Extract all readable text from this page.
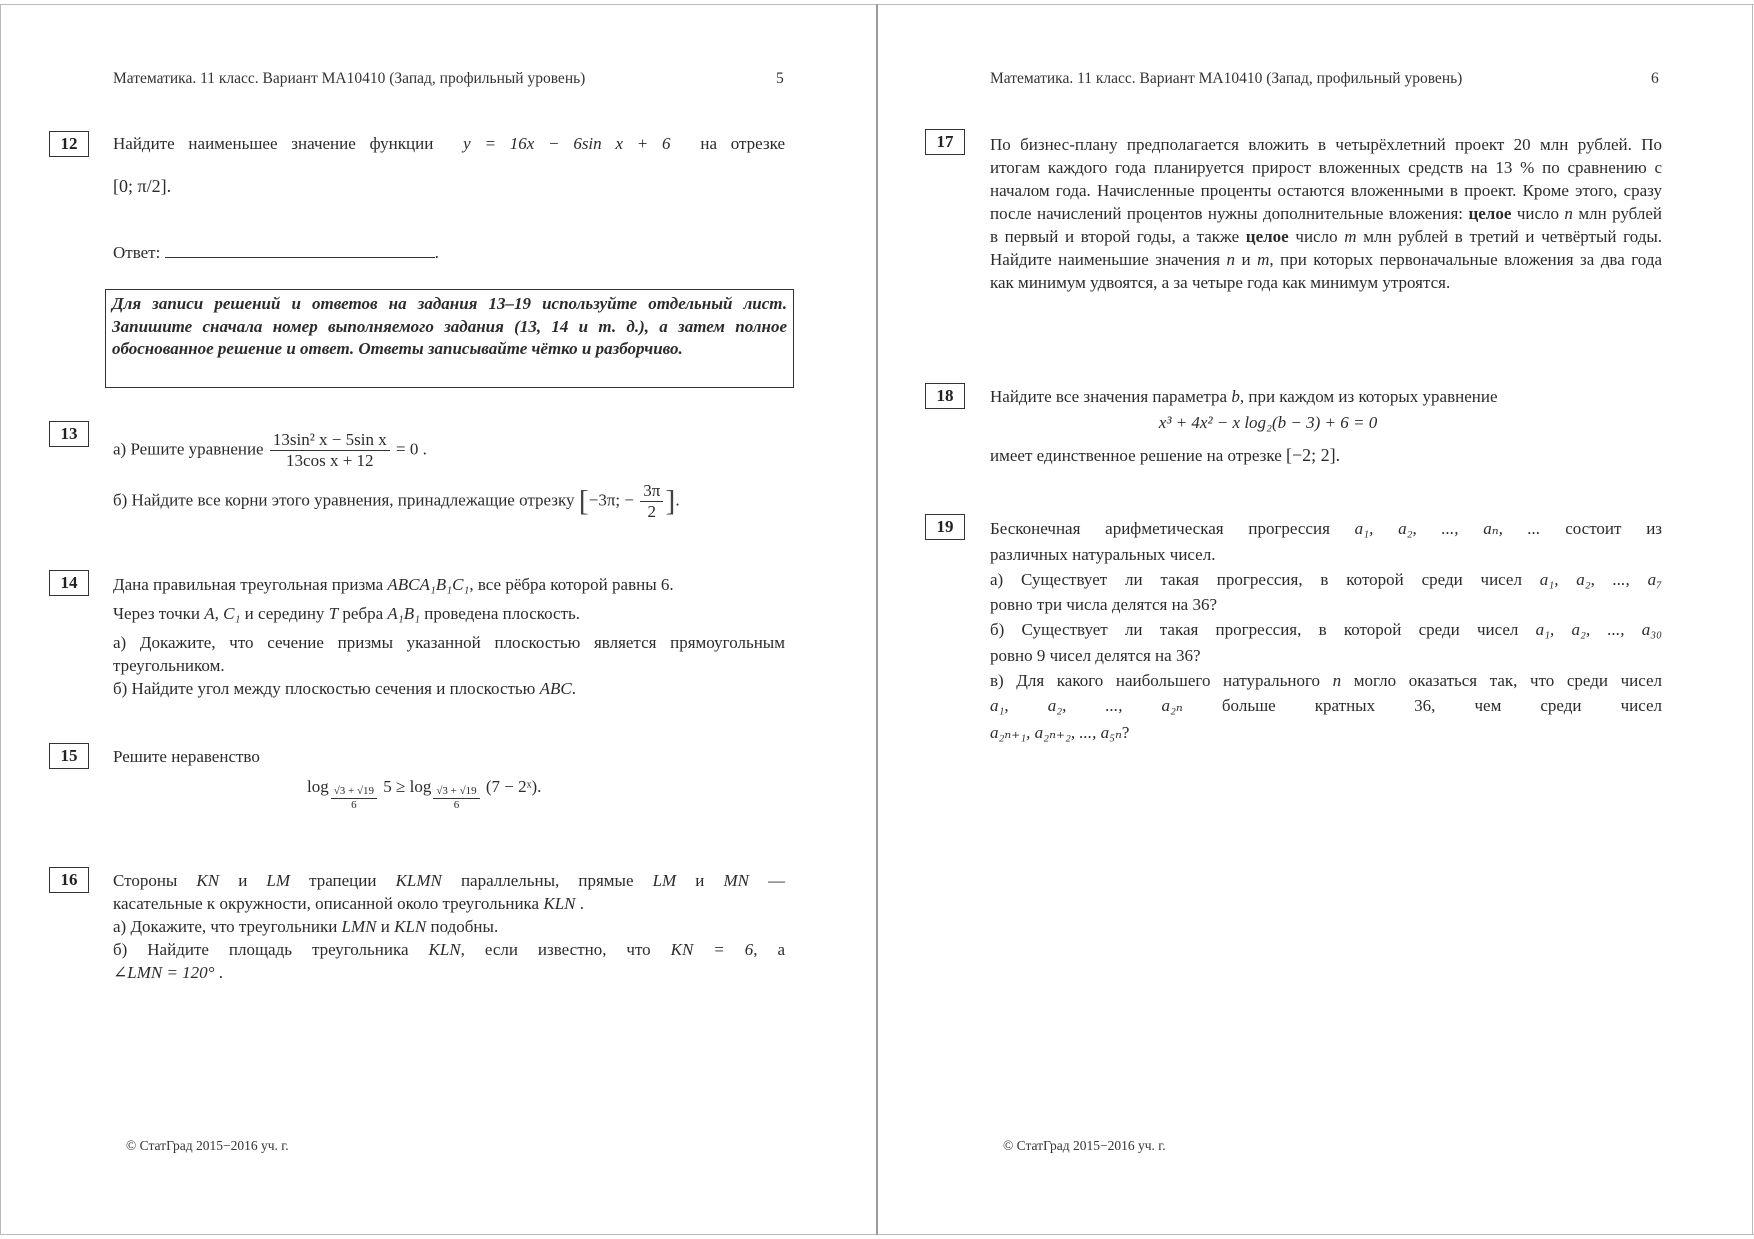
Математика. 11 класс. Вариант МА10410 (Запад, профильный уровень)	5
12	Найдите наименьшее значение функции y = 16x − 6sin x + 6 на отрезке
[0; π/2].
Ответ:	.
Для записи решений и ответов на задания 13–19 используйте отдельный лист. Запишите сначала номер выполняемого задания (13, 14 и т. д.), а затем полное обоснованное решение и ответ. Ответы записывайте чётко и разборчиво.
13
а) Решите уравнение $\frac{\text{13sin² x − 5sin x}}{\text{13cos x + 12}} = 0$ .
б) Найдите все корни этого уравнения, принадлежащие отрезку [−3π; − $\frac{3\pi}{2}$ ].
14	Дана правильная треугольная призма ABCA₁B₁C₁, все рёбра которой равны 6.
Через точки A, C₁ и середину T ребра A₁B₁ проведена плоскость.
а) Докажите, что сечение призмы указанной плоскостью является прямоугольным треугольником.
б) Найдите угол между плоскостью сечения и плоскостью ABC.
15	Решите неравенство
$\log \frac{√3 + √19}{6} 5 \ge \log \frac{√3 + √19}{6} (7$ − 2ˣ).
16	Стороны KN и LM трапеции KLMN параллельны, прямые LM и MN —
касательные к окружности, описанной около треугольника KLN .
а) Докажите, что треугольники LMN и KLN подобны.
б) Найдите площадь треугольника KLN, если известно, что KN = 6, а
∠LMN = 120° .
© СтатГрад 2015−2016 уч. г.
Математика. 11 класс. Вариант МА10410 (Запад, профильный уровень)	6
17	По бизнес-плану предполагается вложить в четырёхлетний проект 20 млн рублей. По итогам каждого года планируется прирост вложенных средств на 13 % по сравнению с началом года. Начисленные проценты остаются вложенными в проект. Кроме этого, сразу после начислений процентов нужны дополнительные вложения: целое число n млн рублей в первый и второй годы, а также целое число m млн рублей в третий и четвёртый годы. Найдите наименьшие значения n и m, при которых первоначальные вложения за два года как минимум удвоятся, а за четыре года как минимум утроятся.
18	Найдите все значения параметра b, при каждом из которых уравнение
x³ + 4x² − x log₂(b − 3) + 6 = 0
имеет единственное решение на отрезке [−2; 2].
19	Бесконечная арифметическая прогрессия a₁, a₂, ..., aₙ, ... состоит из
различных натуральных чисел.
а) Существует ли такая прогрессия, в которой среди чисел a₁, a₂, ..., a₇
ровно три числа делятся на 36?
б) Существует ли такая прогрессия, в которой среди чисел a₁, a₂, ..., a₃₀
ровно 9 чисел делятся на 36?
в) Для какого наибольшего натурального n могло оказаться так, что среди чисел
a₁, a₂, ..., a₂ₙ больше кратных 36, чем среди чисел
a₂ₙ₊₁, a₂ₙ₊₂, ..., a₅ₙ?
© СтатГрад 2015−2016 уч. г.
